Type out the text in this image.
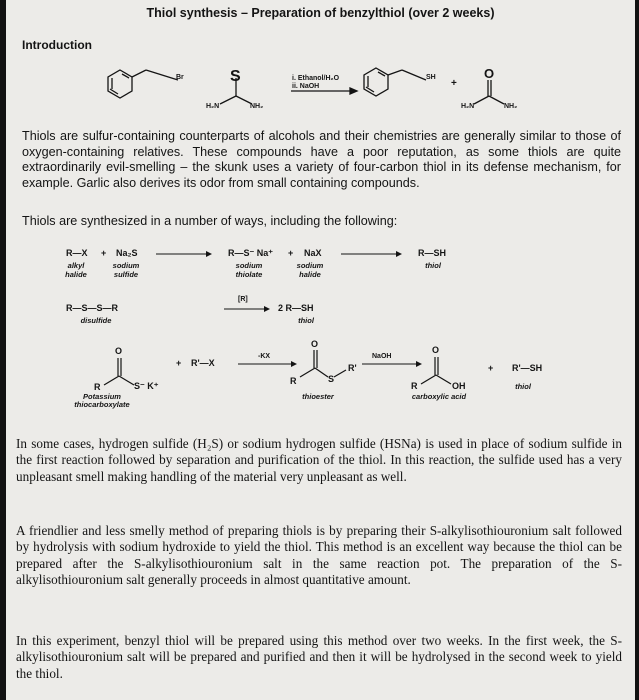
Thiol synthesis – Preparation of benzylthiol (over 2 weeks)
Introduction
Br	S
H₂N	NH₂
i. Ethanol/H₂O
ii. NaOH
SH
+
O
H₂N	NH₂
Thiols are sulfur-containing counterparts of alcohols and their chemistries are generally similar to those of oxygen-containing relatives. These compounds have a poor reputation, as some thiols are quite extraordinarily evil-smelling – the skunk uses a variety of four-carbon thiol in its defense mechanism, for example. Garlic also derives its odor from small containing compounds.
Thiols are synthesized in a number of ways, including the following:
R—X + Na₂S	R—S⁻ Na⁺ + NaX	R—SH
alkyl halide
sodium sulfide
sodium thiolate
sodium halide
thiol
R—S—S—R
[R]
2 R—SH
disulfide	thiol
O
R	S⁻ K⁺
+ R'—X
-KX
O
R	S
R'
NaOH
O
R	OH
+ R'—SH
Potassium
thiocarboxylate
thioester	carboxylic acid
thiol
In some cases, hydrogen sulfide (H₂S) or sodium hydrogen sulfide (HSNa) is used in place of sodium sulfide in the first reaction followed by separation and purification of the thiol. In this reaction, the sulfide used has a very unpleasant smell making handling of the material very unpleasant as well.
A friendlier and less smelly method of preparing thiols is by preparing their S-alkylisothiouronium salt followed by hydrolysis with sodium hydroxide to yield the thiol. This method is an excellent way because the thiol can be prepared after the S-alkylisothiouronium salt in the same reaction pot. The preparation of the S-alkylisothiouronium salt generally proceeds in almost quantitative amount.
In this experiment, benzyl thiol will be prepared using this method over two weeks. In the first week, the S-alkylisothiouronium salt will be prepared and purified and then it will be hydrolysed in the second week to yield the thiol.
